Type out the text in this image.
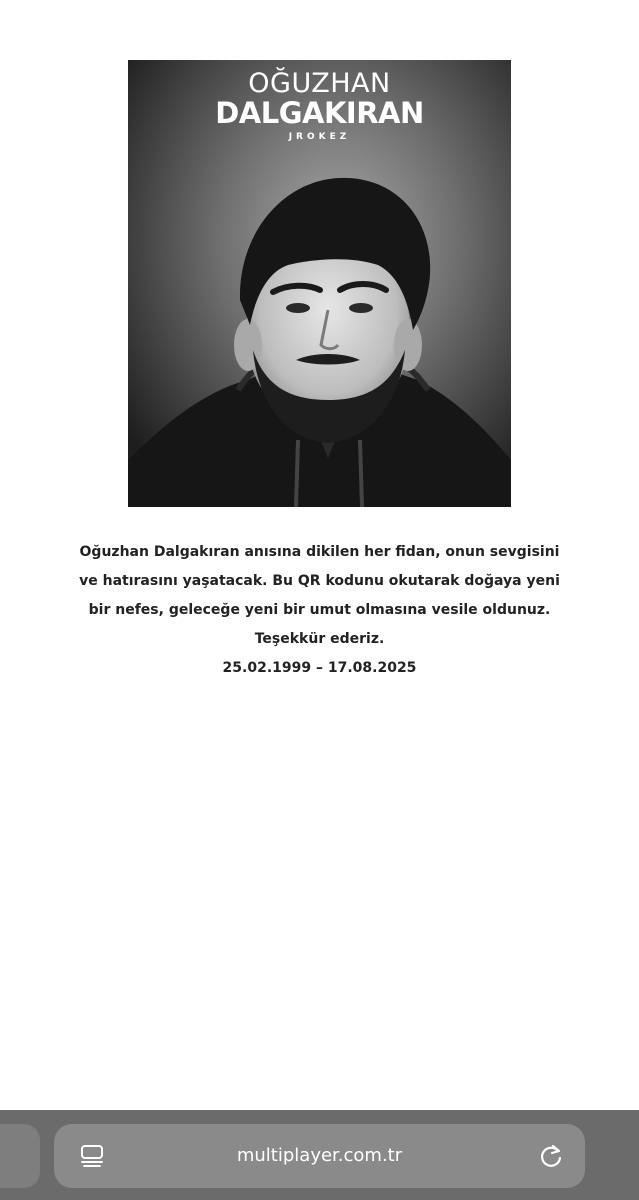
OĞUZHAN
DALGAKIRAN
JROKEZ

Oğuzhan Dalgakıran anısına dikilen her fidan, onun sevgisini

ve hatırasını yaşatacak. Bu QR kodunu okutarak doğaya yeni

bir nefes, geleceğe yeni bir umut olmasına vesile oldunuz.

Teşekkür ederiz.

25.02.1999 – 17.08.2025
multiplayer.com.tr
